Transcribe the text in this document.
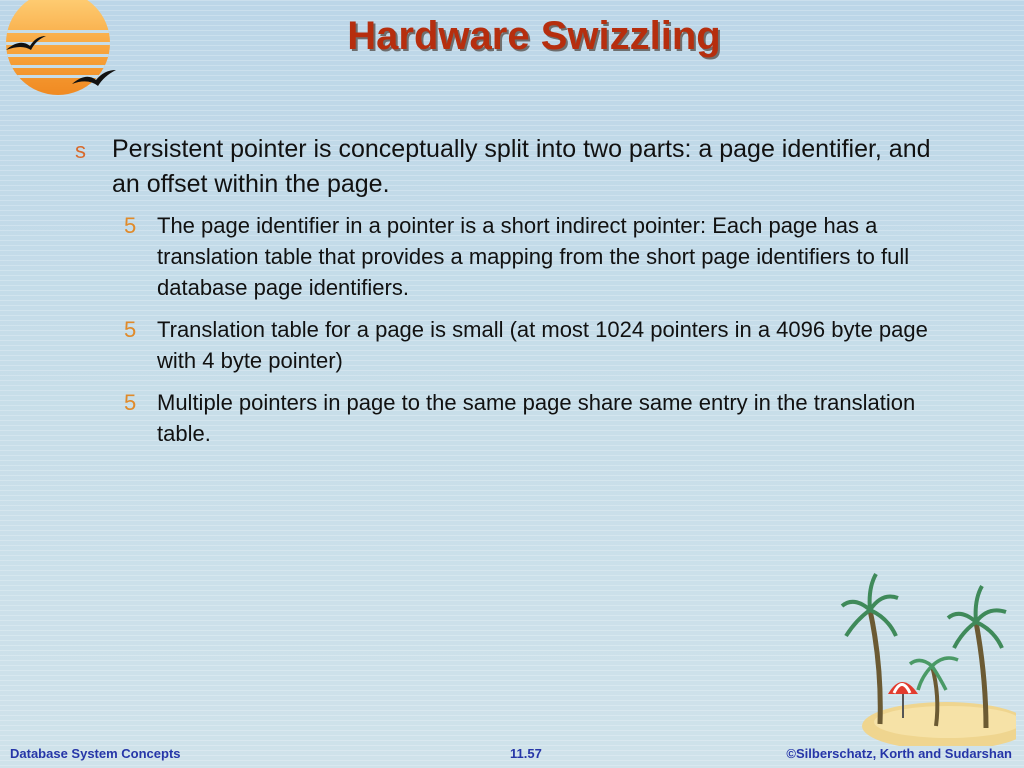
Hardware Swizzling
s Persistent pointer is conceptually split into two parts: a page identifier, and an offset within the page.
5 The page identifier in a pointer is a short indirect pointer: Each page has a translation table that provides a mapping from the short page identifiers to full database page identifiers.
5 Translation table for a page is small (at most 1024 pointers in a 4096 byte page with 4 byte pointer)
5 Multiple pointers in page to the same page share same entry in the translation table.
Database System Concepts	11.57	©Silberschatz, Korth and Sudarshan
